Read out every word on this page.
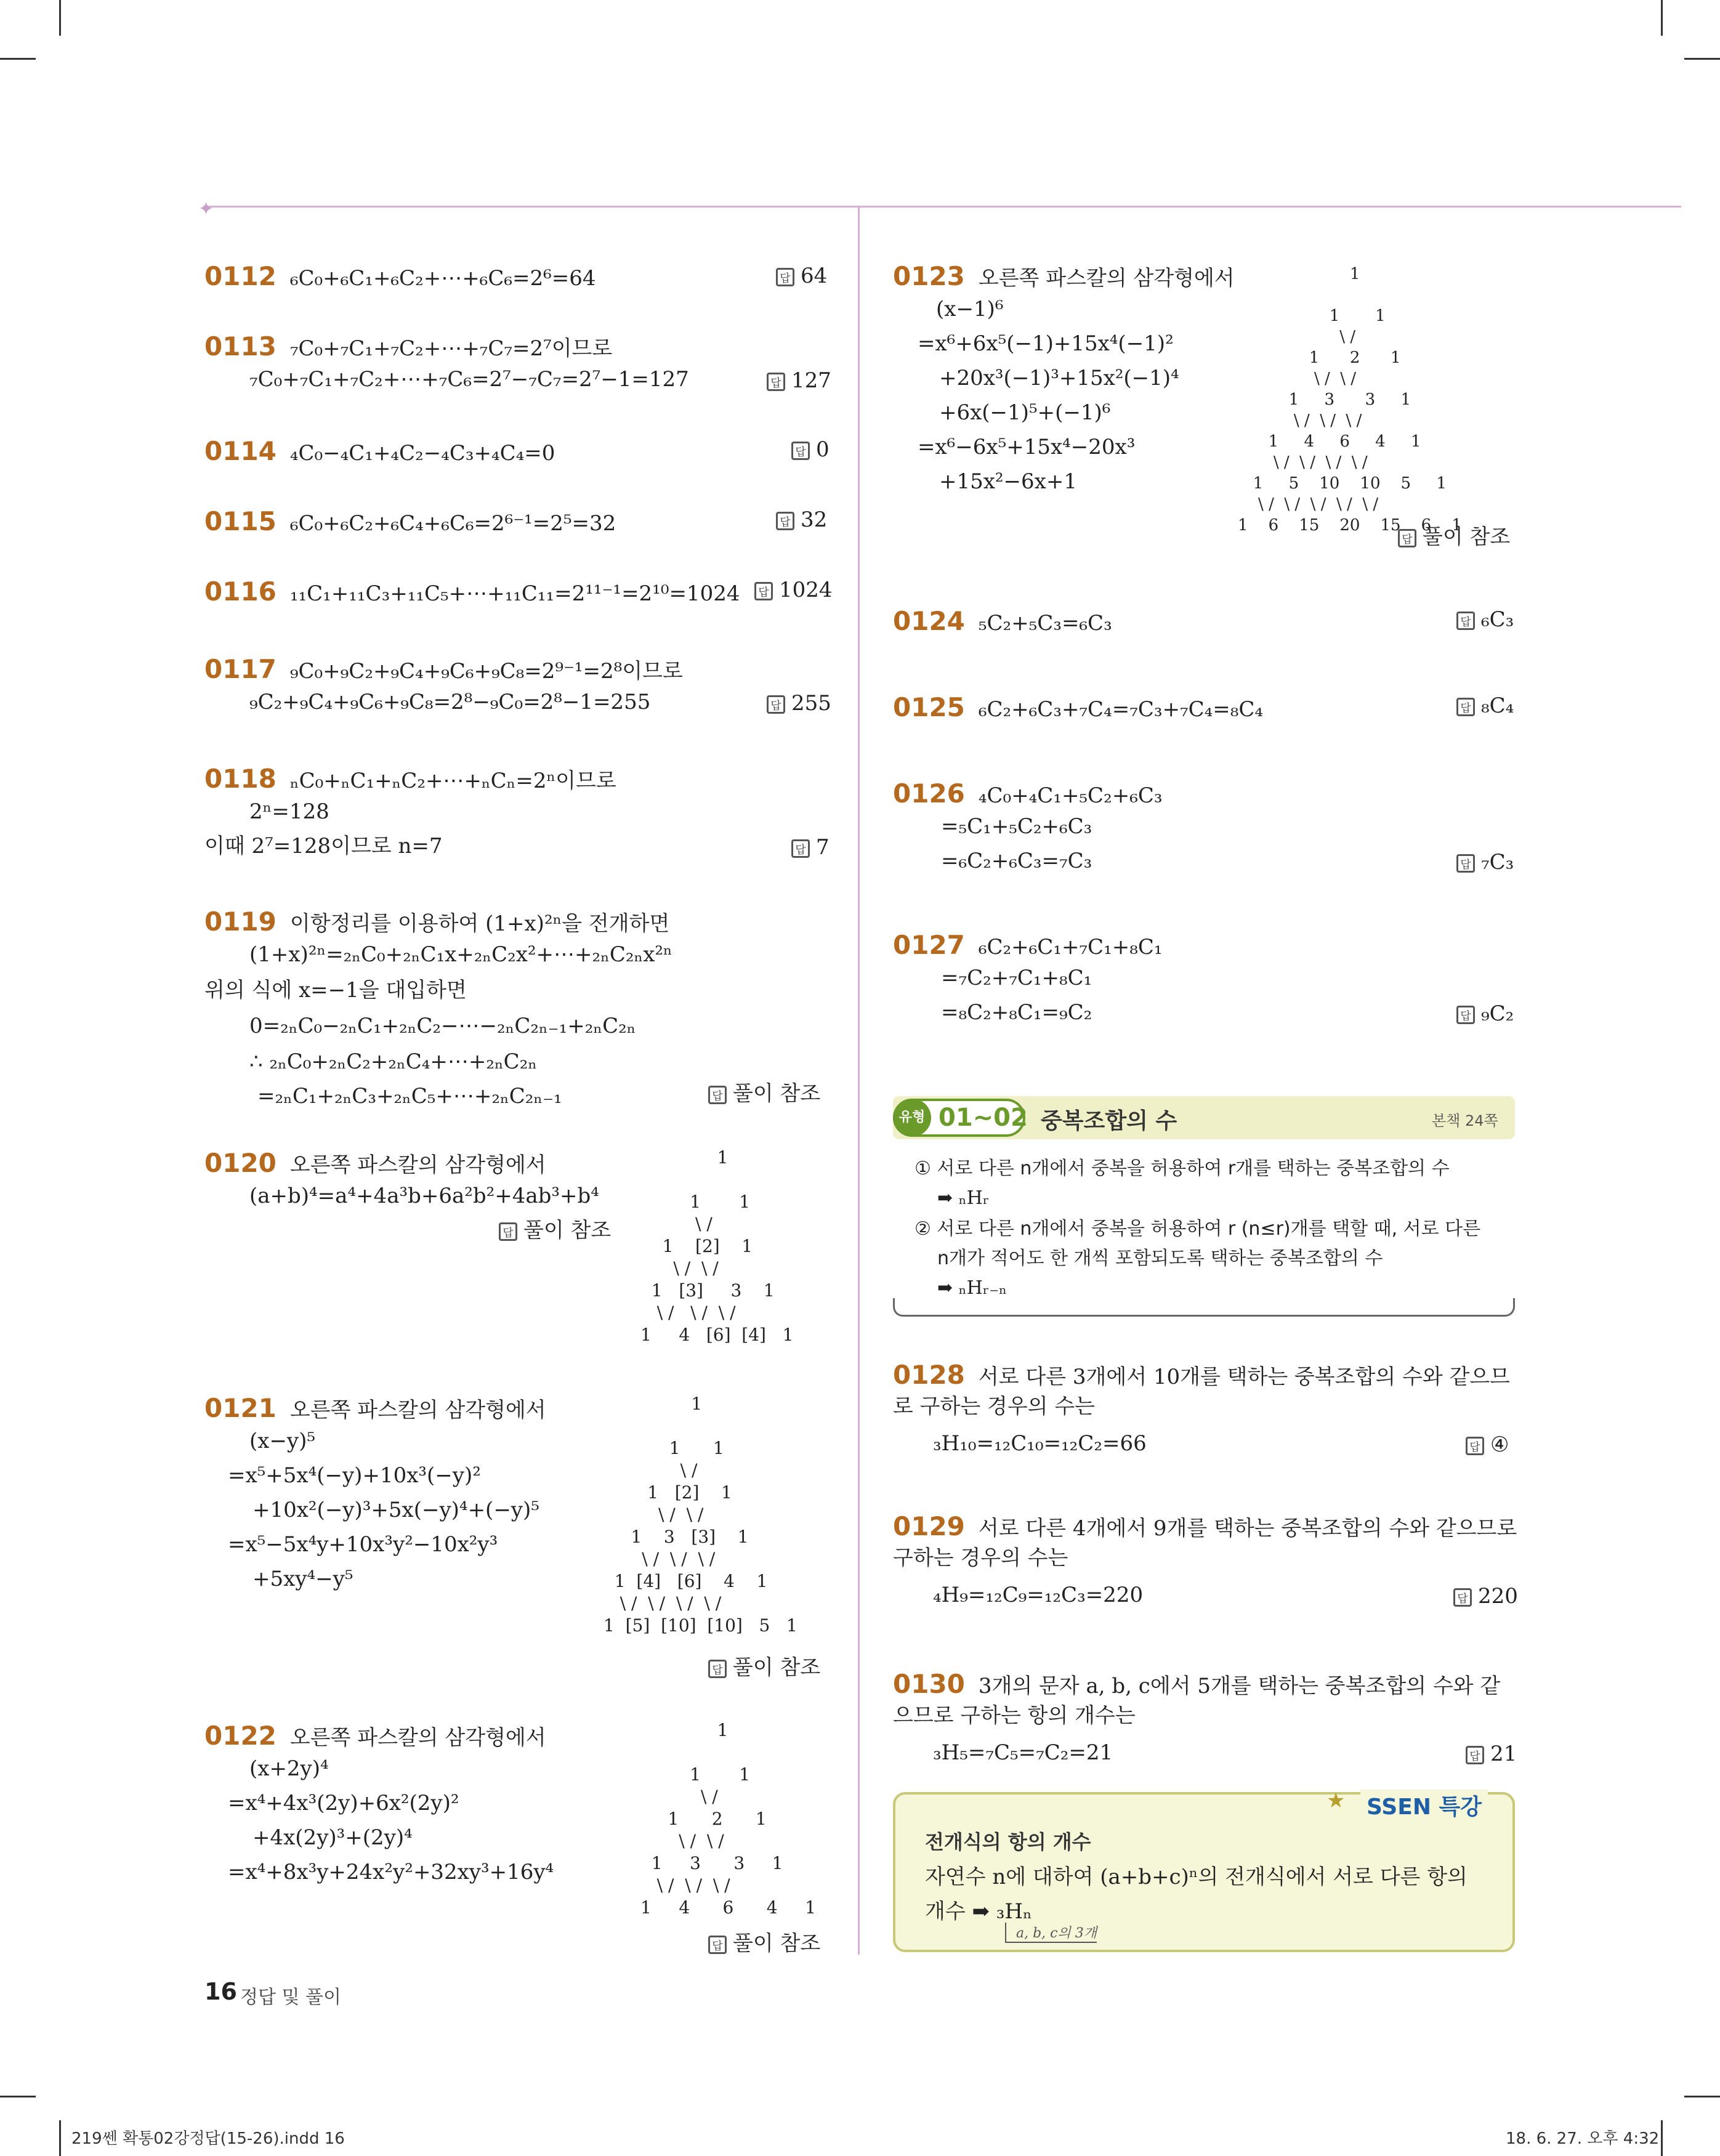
✦
0112 ₆C₀+₆C₁+₆C₂+⋯+₆C₆=2⁶=64	답 64
0113 ₇C₀+₇C₁+₇C₂+⋯+₇C₇=2⁷이므로
₇C₀+₇C₁+₇C₂+⋯+₇C₆=2⁷−₇C₇=2⁷−1=127	답 127
0114 ₄C₀−₄C₁+₄C₂−₄C₃+₄C₄=0	답 0
0115 ₆C₀+₆C₂+₆C₄+₆C₆=2⁶⁻¹=2⁵=32	답 32
0116 ₁₁C₁+₁₁C₃+₁₁C₅+⋯+₁₁C₁₁=2¹¹⁻¹=2¹⁰=1024	답 1024
0117 ₉C₀+₉C₂+₉C₄+₉C₆+₉C₈=2⁹⁻¹=2⁸이므로
₉C₂+₉C₄+₉C₆+₉C₈=2⁸−₉C₀=2⁸−1=255	답 255
0118 ₙC₀+ₙC₁+ₙC₂+⋯+ₙCₙ=2ⁿ이므로
2ⁿ=128
이때 2⁷=128이므로 n=7	답 7
0119 이항정리를 이용하여 (1+x)²ⁿ을 전개하면
(1+x)²ⁿ=₂ₙC₀+₂ₙC₁x+₂ₙC₂x²+⋯+₂ₙC₂ₙx²ⁿ
위의 식에 x=−1을 대입하면
0=₂ₙC₀−₂ₙC₁+₂ₙC₂−⋯−₂ₙC₂ₙ₋₁+₂ₙC₂ₙ
∴ ₂ₙC₀+₂ₙC₂+₂ₙC₄+⋯+₂ₙC₂ₙ
=₂ₙC₁+₂ₙC₃+₂ₙC₅+⋯+₂ₙC₂ₙ₋₁	답 풀이 참조
0120 오른쪽 파스칼의 삼각형에서
(a+b)⁴=a⁴+4a³b+6a²b²+4ab³+b⁴
답 풀이 참조
1

1       1
\ /
1    [2]    1
\ /  \ /
1   [3]     3    1
\ /   \ /  \ /
1     4   [6]  [4]   1
0121 오른쪽 파스칼의 삼각형에서
(x−y)⁵
=x⁵+5x⁴(−y)+10x³(−y)²
+10x²(−y)³+5x(−y)⁴+(−y)⁵
=x⁵−5x⁴y+10x³y²−10x²y³
+5xy⁴−y⁵
1

1      1
\ /
1   [2]    1
\ /  \ /
1    3   [3]    1
\ /  \ /  \ /
1  [4]   [6]    4    1
\ /  \ /  \ /  \ /
1  [5]  [10]  [10]   5   1
답 풀이 참조
0122 오른쪽 파스칼의 삼각형에서
(x+2y)⁴
=x⁴+4x³(2y)+6x²(2y)²
+4x(2y)³+(2y)⁴
=x⁴+8x³y+24x²y²+32xy³+16y⁴
1

1       1
\ /
1      2      1
\ /  \ /
1     3      3     1
\ /  \ /  \ /
1     4      6      4     1
답 풀이 참조
0123 오른쪽 파스칼의 삼각형에서
(x−1)⁶
=x⁶+6x⁵(−1)+15x⁴(−1)²
+20x³(−1)³+15x²(−1)⁴
+6x(−1)⁵+(−1)⁶
=x⁶−6x⁵+15x⁴−20x³
+15x²−6x+1
1

1       1
\ /
1      2      1
\ /  \ /
1     3      3     1
\ /  \ /  \ /
1     4     6     4     1
\ /  \ /  \ /  \ /
1     5    10    10    5     1
\ /  \ /  \ /  \ /  \ /
1    6    15    20    15    6    1
답 풀이 참조
0124 ₅C₂+₅C₃=₆C₃	답 ₆C₃
0125 ₆C₂+₆C₃+₇C₄=₇C₃+₇C₄=₈C₄	답 ₈C₄
0126 ₄C₀+₄C₁+₅C₂+₆C₃
=₅C₁+₅C₂+₆C₃
=₆C₂+₆C₃=₇C₃	답 ₇C₃
0127 ₆C₂+₆C₁+₇C₁+₈C₁
=₇C₂+₇C₁+₈C₁
=₈C₂+₈C₁=₉C₂	답 ₉C₂
유형 01~02 중복조합의 수	본책 24쪽
① 서로 다른 n개에서 중복을 허용하여 r개를 택하는 중복조합의 수
➡ ₙHᵣ
② 서로 다른 n개에서 중복을 허용하여 r (n≤r)개를 택할 때, 서로 다른
n개가 적어도 한 개씩 포함되도록 택하는 중복조합의 수
➡ ₙHᵣ₋ₙ
0128 서로 다른 3개에서 10개를 택하는 중복조합의 수와 같으므
로 구하는 경우의 수는
₃H₁₀=₁₂C₁₀=₁₂C₂=66	답 ④
0129 서로 다른 4개에서 9개를 택하는 중복조합의 수와 같으므로
구하는 경우의 수는
₄H₉=₁₂C₉=₁₂C₃=220	답 220
0130 3개의 문자 a, b, c에서 5개를 택하는 중복조합의 수와 같
으므로 구하는 항의 개수는
₃H₅=₇C₅=₇C₂=21	답 21
SSEN 특강
★
전개식의 항의 개수
자연수 n에 대하여 (a+b+c)ⁿ의 전개식에서 서로 다른 항의
개수 ➡ ₃Hₙ
a, b, c의 3개
16 정답 및 풀이
219쎈 확통02강정답(15-26).indd 16	18. 6. 27. 오후 4:32
